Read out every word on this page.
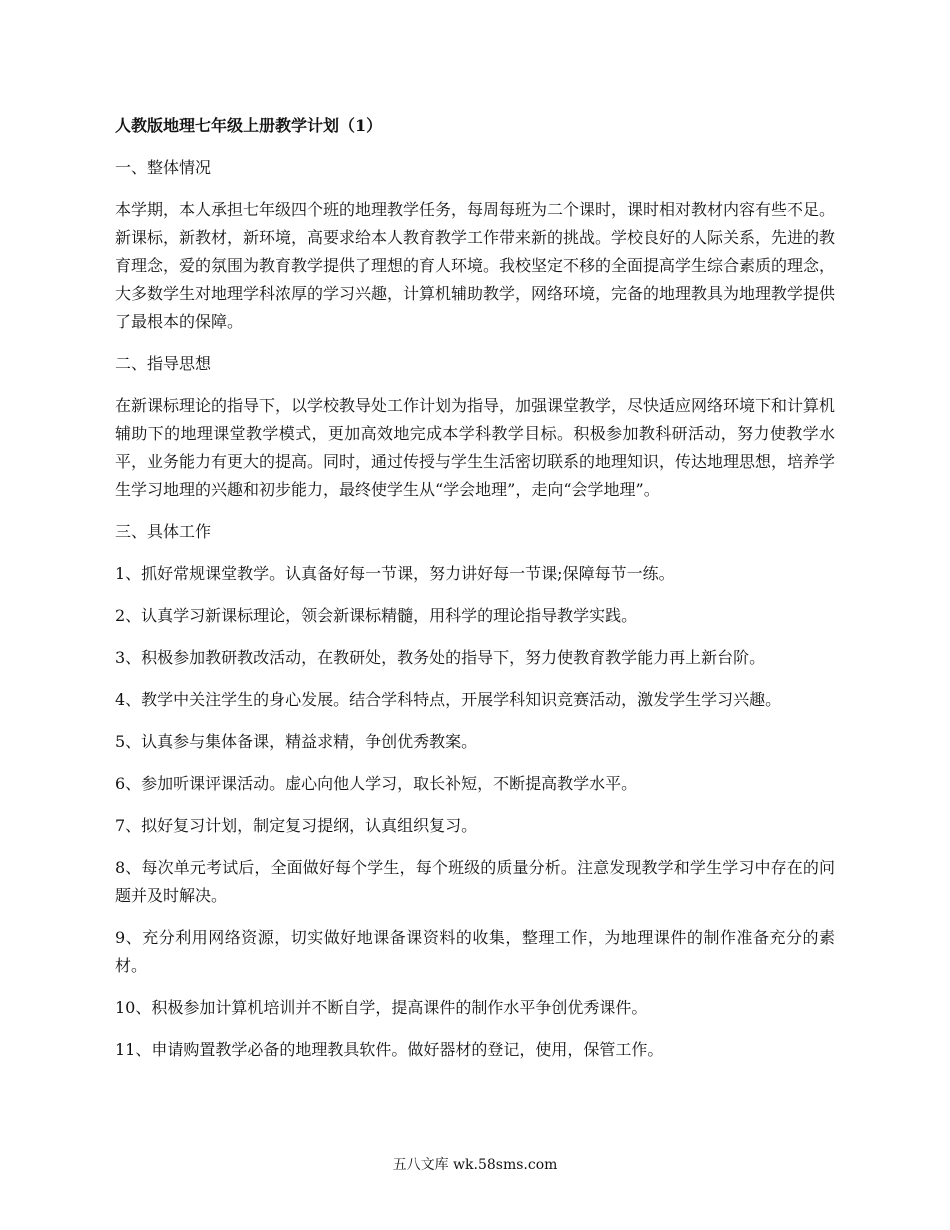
人教版地理七年级上册教学计划（1）
一、整体情况
本学期，本人承担七年级四个班的地理教学任务，每周每班为二个课时，课时相对教材内容有些不足。新课标，新教材，新环境，高要求给本人教育教学工作带来新的挑战。学校良好的人际关系，先进的教育理念，爱的氛围为教育教学提供了理想的育人环境。我校坚定不移的全面提高学生综合素质的理念，大多数学生对地理学科浓厚的学习兴趣，计算机辅助教学，网络环境，完备的地理教具为地理教学提供了最根本的保障。
二、指导思想
在新课标理论的指导下，以学校教导处工作计划为指导，加强课堂教学，尽快适应网络环境下和计算机辅助下的地理课堂教学模式，更加高效地完成本学科教学目标。积极参加教科研活动，努力使教学水平，业务能力有更大的提高。同时，通过传授与学生生活密切联系的地理知识，传达地理思想，培养学生学习地理的兴趣和初步能力，最终使学生从“学会地理”，走向“会学地理”。
三、具体工作
1、抓好常规课堂教学。认真备好每一节课，努力讲好每一节课;保障每节一练。
2、认真学习新课标理论，领会新课标精髓，用科学的理论指导教学实践。
3、积极参加教研教改活动，在教研处，教务处的指导下，努力使教育教学能力再上新台阶。
4、教学中关注学生的身心发展。结合学科特点，开展学科知识竞赛活动，激发学生学习兴趣。
5、认真参与集体备课，精益求精，争创优秀教案。
6、参加听课评课活动。虚心向他人学习，取长补短，不断提高教学水平。
7、拟好复习计划，制定复习提纲，认真组织复习。
8、每次单元考试后，全面做好每个学生，每个班级的质量分析。注意发现教学和学生学习中存在的问题并及时解决。
9、充分利用网络资源，切实做好地课备课资料的收集，整理工作，为地理课件的制作准备充分的素材。
10、积极参加计算机培训并不断自学，提高课件的制作水平争创优秀课件。
11、申请购置教学必备的地理教具软件。做好器材的登记，使用，保管工作。
五八文库 wk.58sms.com
